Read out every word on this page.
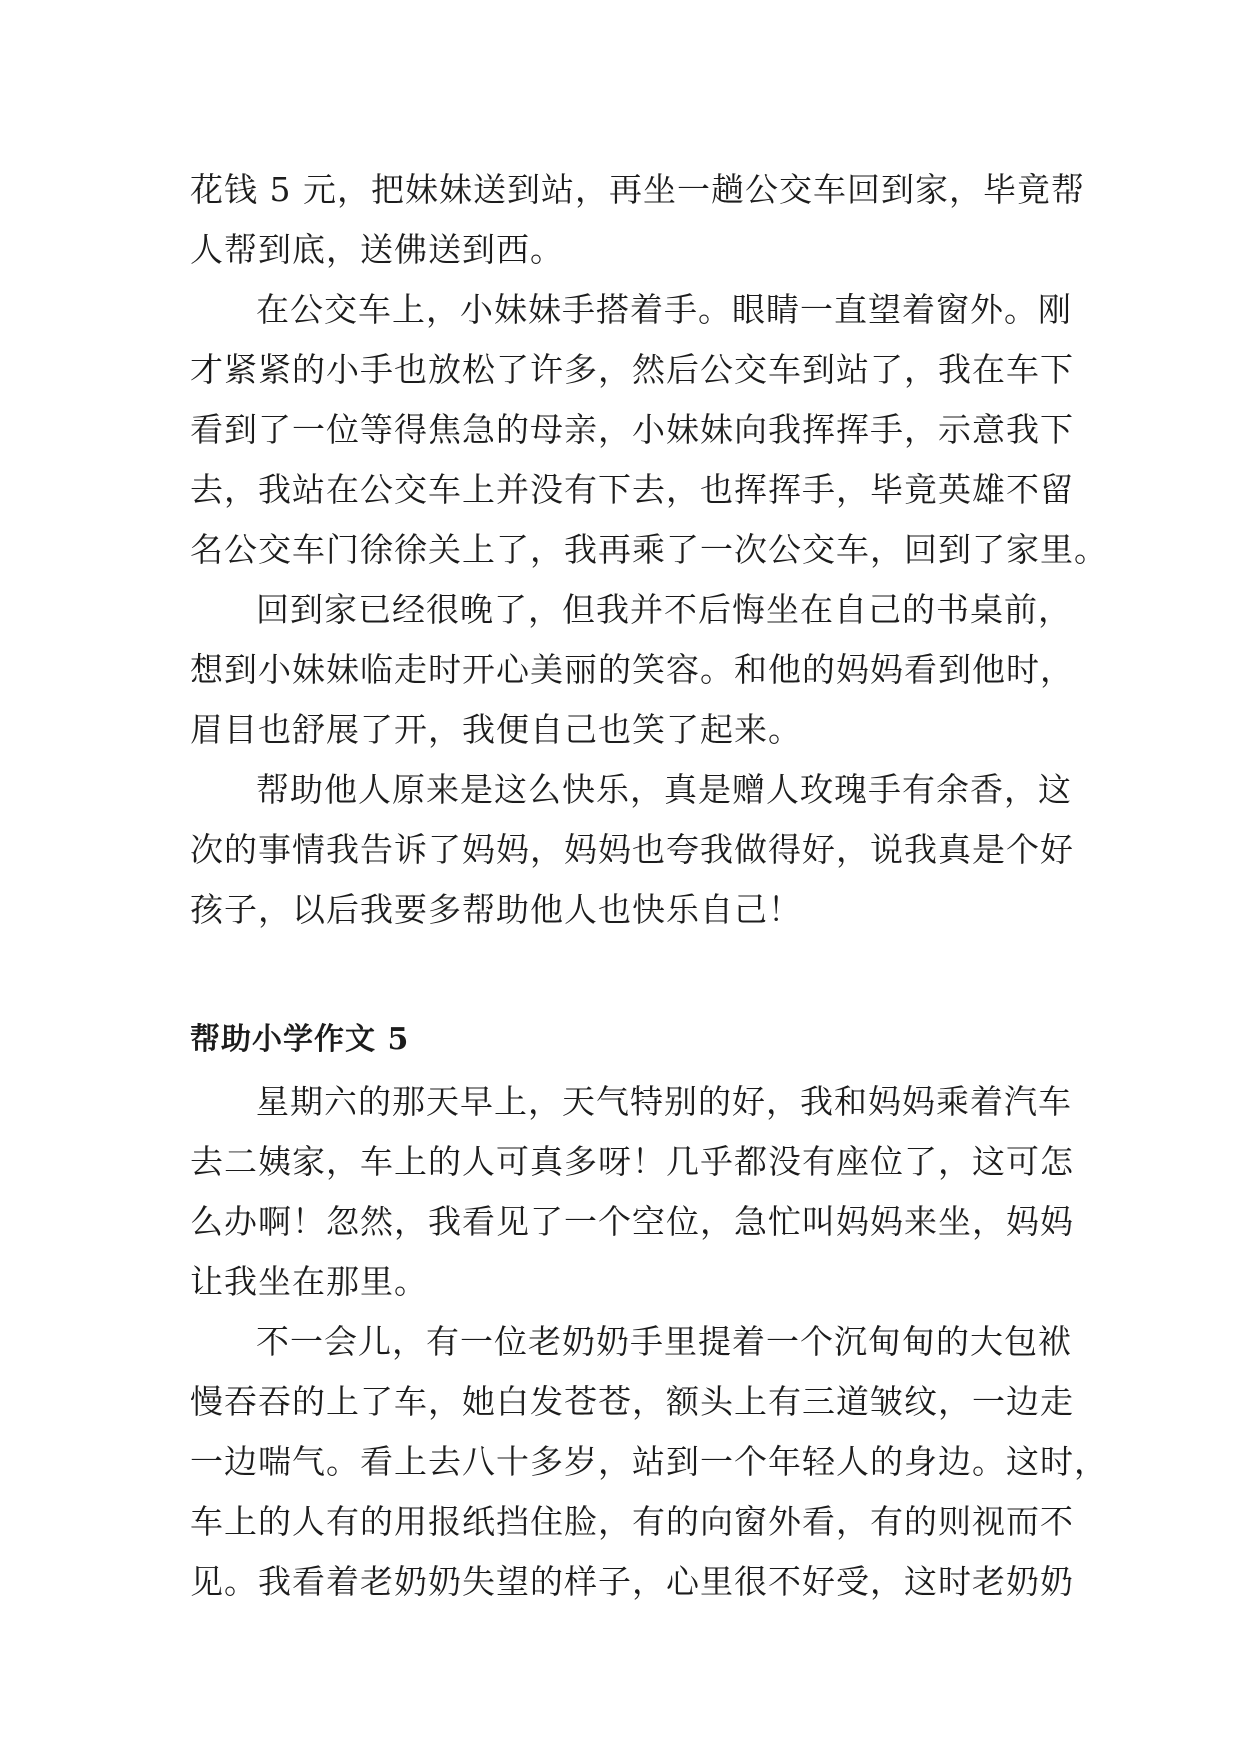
花钱 5 元，把妹妹送到站，再坐一趟公交车回到家，毕竟帮
人帮到底，送佛送到西。

在公交车上，小妹妹手搭着手。眼睛一直望着窗外。刚
才紧紧的小手也放松了许多，然后公交车到站了，我在车下
看到了一位等得焦急的母亲，小妹妹向我挥挥手，示意我下
去，我站在公交车上并没有下去，也挥挥手，毕竟英雄不留
名公交车门徐徐关上了，我再乘了一次公交车，回到了家里。

回到家已经很晚了，但我并不后悔坐在自己的书桌前，
想到小妹妹临走时开心美丽的笑容。和他的妈妈看到他时，
眉目也舒展了开，我便自己也笑了起来。

帮助他人原来是这么快乐，真是赠人玫瑰手有余香，这
次的事情我告诉了妈妈，妈妈也夸我做得好，说我真是个好
孩子，以后我要多帮助他人也快乐自己！

帮助小学作文 5

星期六的那天早上，天气特别的好，我和妈妈乘着汽车
去二姨家，车上的人可真多呀！几乎都没有座位了，这可怎
么办啊！忽然，我看见了一个空位，急忙叫妈妈来坐，妈妈
让我坐在那里。

不一会儿，有一位老奶奶手里提着一个沉甸甸的大包袱
慢吞吞的上了车，她白发苍苍，额头上有三道皱纹，一边走
一边喘气。看上去八十多岁，站到一个年轻人的身边。这时，
车上的人有的用报纸挡住脸，有的向窗外看，有的则视而不
见。我看着老奶奶失望的样子，心里很不好受，这时老奶奶
